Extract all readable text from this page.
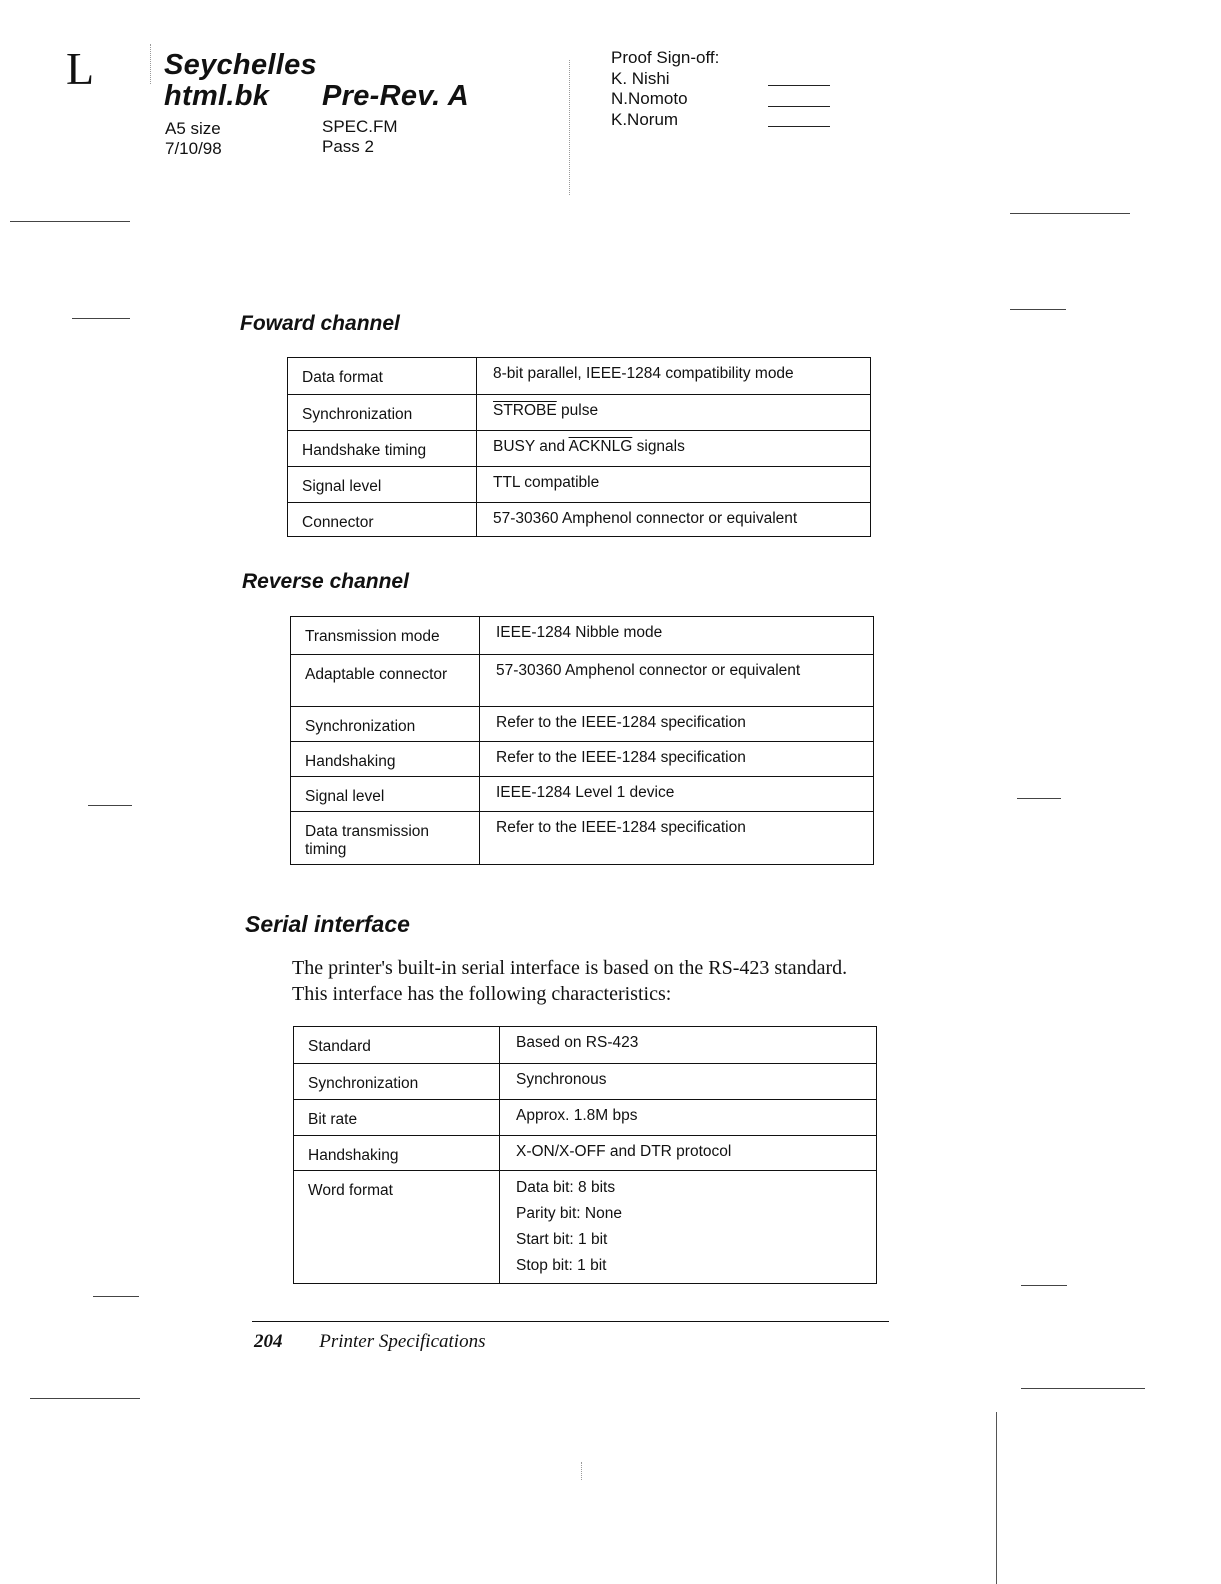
L Seychelles
html.bk Pre-Rev. A
A5 size
7/10/98
SPEC.FM
Pass 2
Proof Sign-off:
K. Nishi
N.Nomoto
K.Norum
Foward channel
Data format	8-bit parallel, IEEE-1284 compatibility mode
Synchronization	STROBE pulse
Handshake timing	BUSY and ACKNLG signals
Signal level	TTL compatible
Connector	57-30360 Amphenol connector or equivalent
Reverse channel
Transmission mode	IEEE-1284 Nibble mode
Adaptable connector	57-30360 Amphenol connector or equivalent
Synchronization	Refer to the IEEE-1284 specification
Handshaking	Refer to the IEEE-1284 specification
Signal level	IEEE-1284 Level 1 device
Data transmission timing	Refer to the IEEE-1284 specification
Serial interface
The printer's built-in serial interface is based on the RS-423 standard. This interface has the following characteristics:
Standard	Based on RS-423
Synchronization	Synchronous
Bit rate	Approx. 1.8M bps
Handshaking	X-ON/X-OFF and DTR protocol
Word format	Data bit: 8 bits
Parity bit: None
Start bit: 1 bit
Stop bit: 1 bit
204 Printer Specifications
